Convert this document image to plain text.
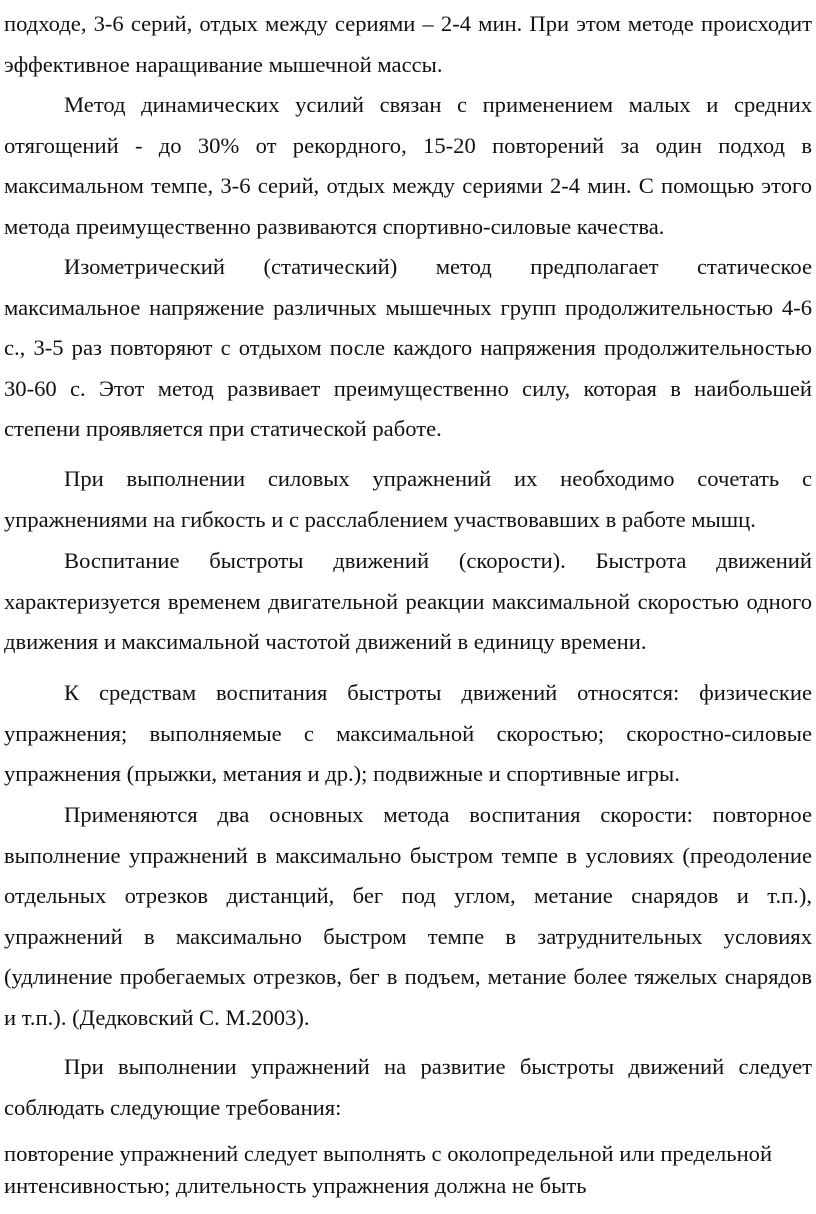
подходе, 3-6 серий, отдых между сериями – 2-4 мин. При этом методе происходит эффективное наращивание мышечной массы.

Метод динамических усилий связан с применением малых и средних отягощений - до 30% от рекордного, 15-20 повторений за один подход в максимальном темпе, 3-6 серий, отдых между сериями 2-4 мин. С помощью этого метода преимущественно развиваются спортивно-силовые качества.

Изометрический (статический) метод предполагает статическое максимальное напряжение различных мышечных групп продолжительностью 4-6 с., 3-5 раз повторяют с отдыхом после каждого напряжения продолжительностью 30-60 с. Этот метод развивает преимущественно силу, которая в наибольшей степени проявляется при статической работе.

При выполнении силовых упражнений их необходимо сочетать с упражнениями на гибкость и с расслаблением участвовавших в работе мышц.

Воспитание быстроты движений (скорости). Быстрота движений характеризуется временем двигательной реакции максимальной скоростью одного движения и максимальной частотой движений в единицу времени.

К средствам воспитания быстроты движений относятся: физические упражнения; выполняемые с максимальной скоростью; скоростно-силовые упражнения (прыжки, метания и др.); подвижные и спортивные игры.

Применяются два основных метода воспитания скорости: повторное выполнение упражнений в максимально быстром темпе в условиях (преодоление отдельных отрезков дистанций, бег под углом, метание снарядов и т.п.), упражнений в максимально быстром темпе в затруднительных условиях (удлинение пробегаемых отрезков, бег в подъем, метание более тяжелых снарядов и т.п.). (Дедковский С. М.2003).

При выполнении упражнений на развитие быстроты движений следует соблюдать следующие требования:

повторение упражнений следует выполнять с околопредельной или предельной интенсивностью; длительность упражнения должна не быть
